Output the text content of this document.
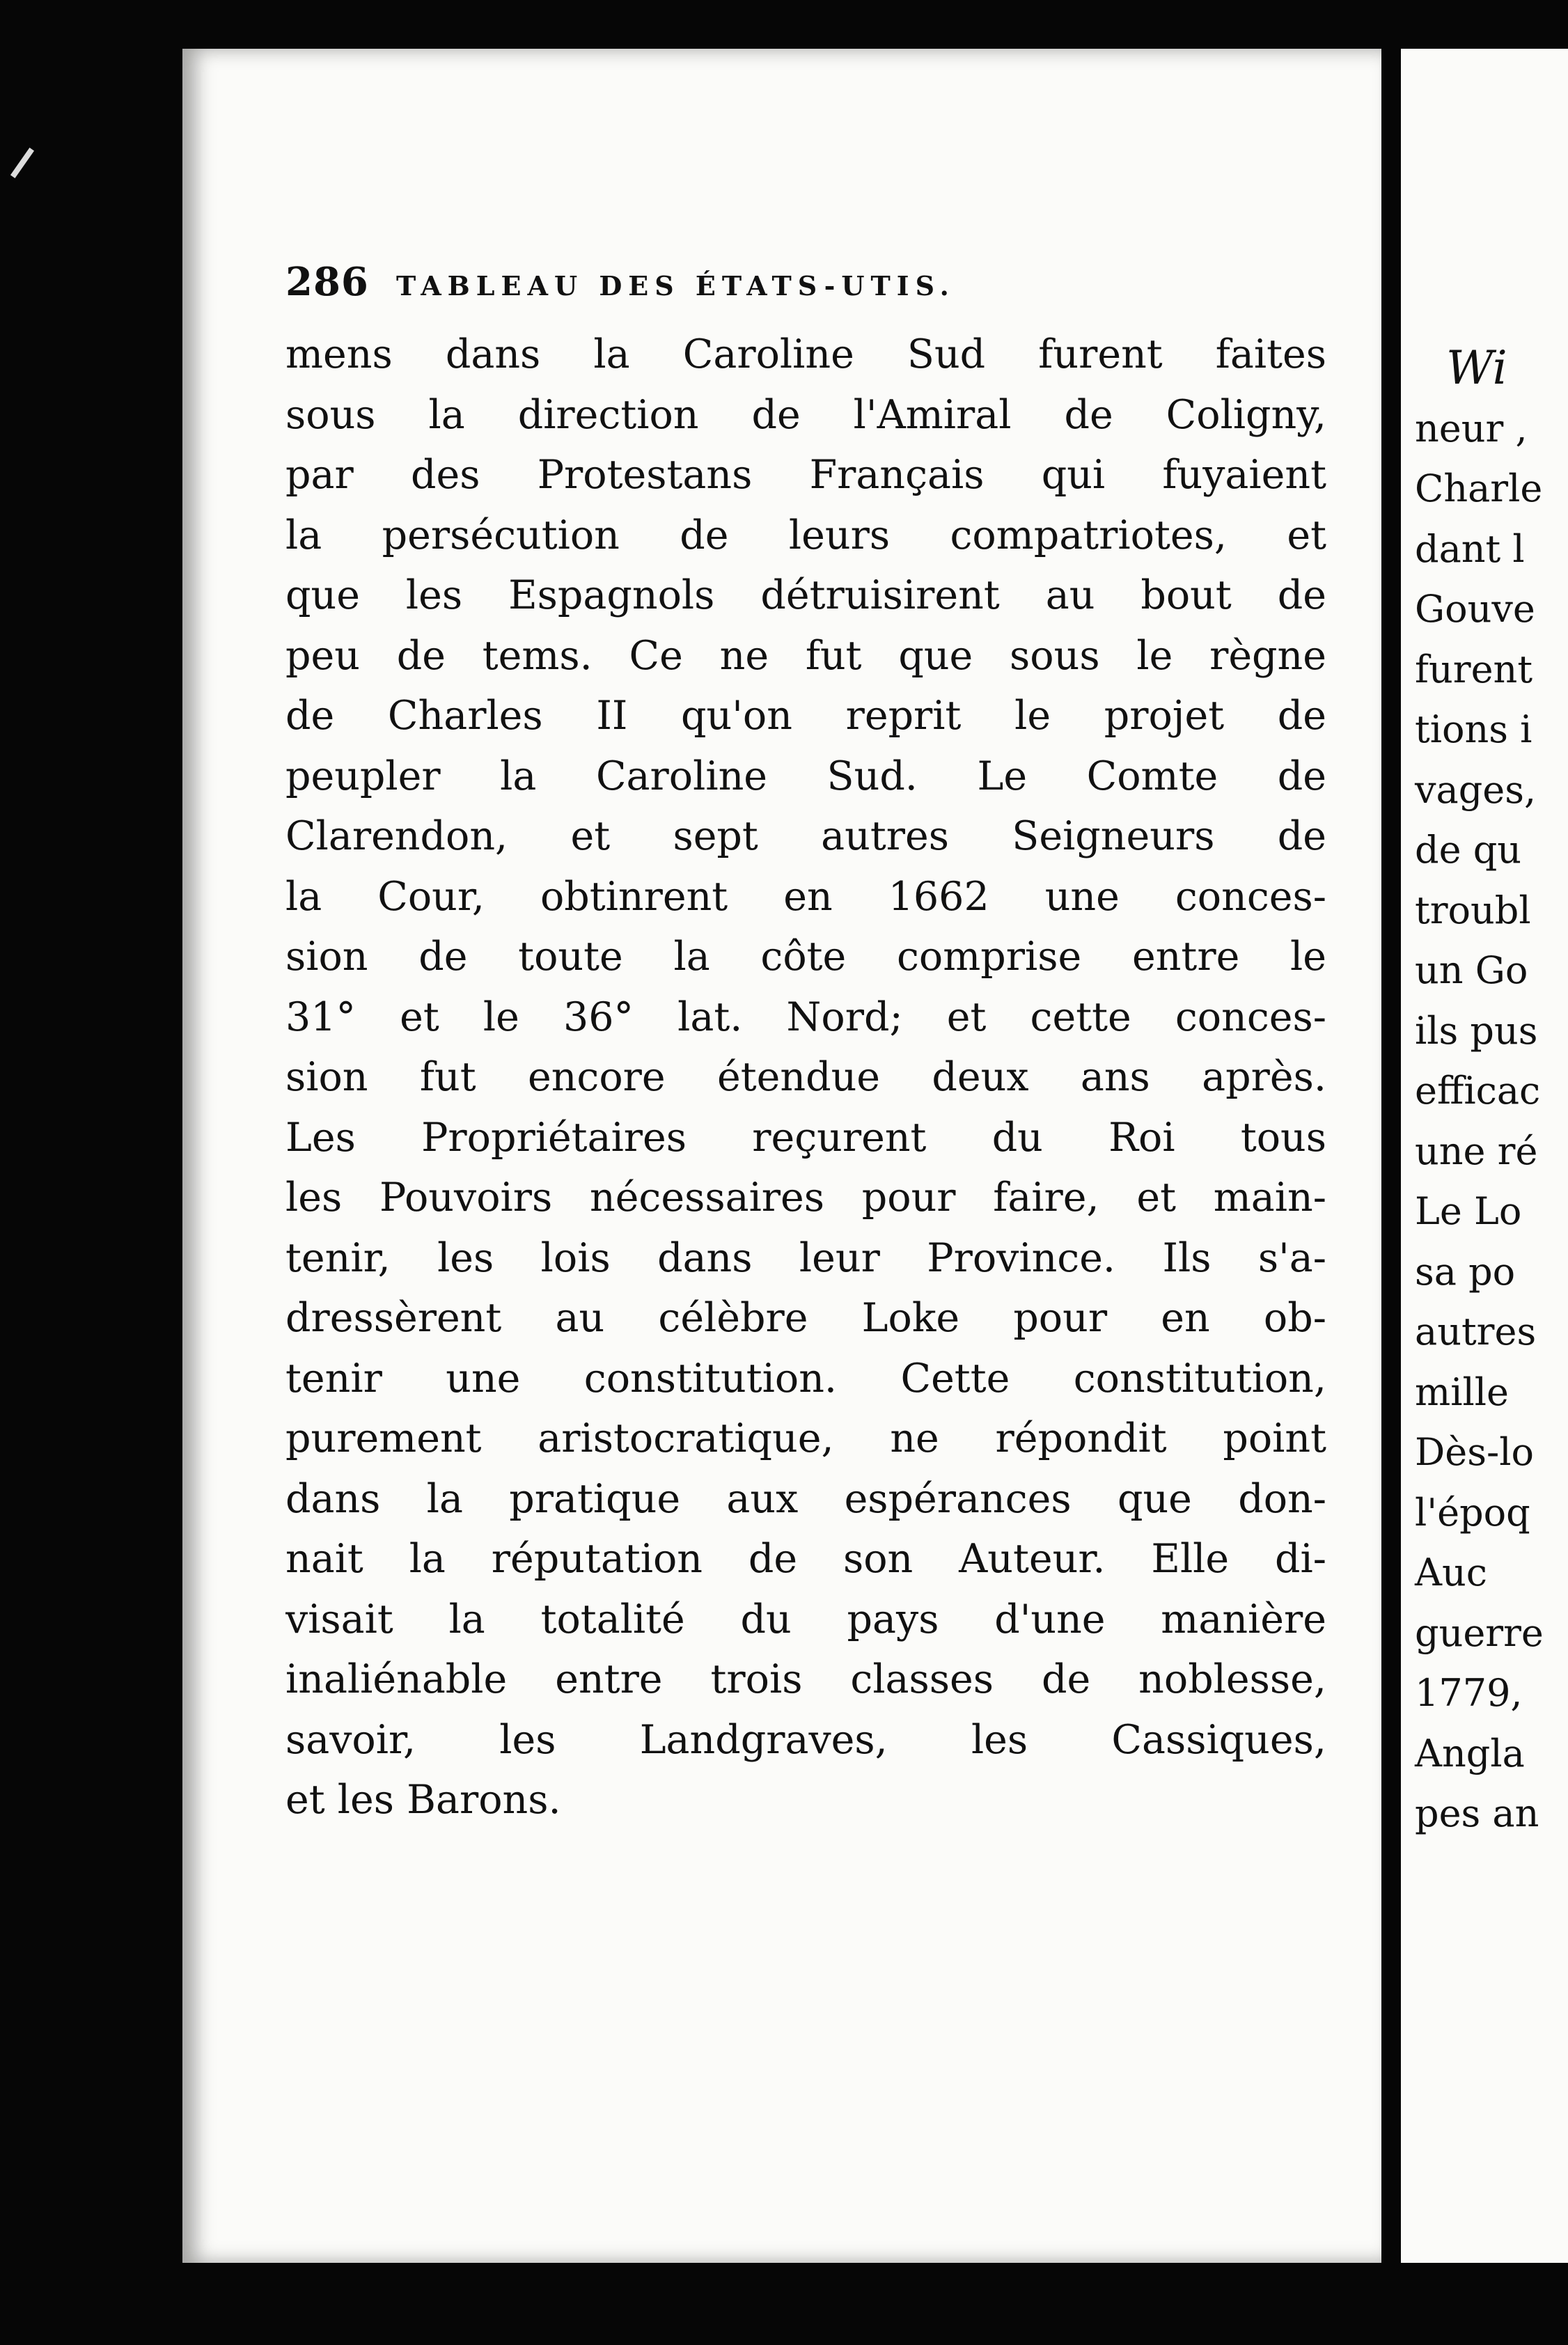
Wi
neur ,
Charle
dant l
Gouve
furent
tions i
vages,
de qu
troubl
un Go
ils pus
efficac
une ré
Le Lo
sa po
autres
mille
Dès-lo
l'époq
Auc
guerre
1779,
Angla
pes an
286 TABLEAU DES ÉTATS-UTIS.
mens dans la Caroline Sud furent faites
sous la direction de l'Amiral de Coligny,
par des Protestans Français qui fuyaient
la persécution de leurs compatriotes, et
que les Espagnols détruisirent au bout de
peu de tems. Ce ne fut que sous le règne
de Charles II qu'on reprit le projet de
peupler la Caroline Sud. Le Comte de
Clarendon, et sept autres Seigneurs de
la Cour, obtinrent en 1662 une conces-
sion de toute la côte comprise entre le
31° et le 36° lat. Nord; et cette conces-
sion fut encore étendue deux ans après.
Les Propriétaires reçurent du Roi tous
les Pouvoirs nécessaires pour faire, et main-
tenir, les lois dans leur Province. Ils s'a-
dressèrent au célèbre Loke pour en ob-
tenir une constitution. Cette constitution,
purement aristocratique, ne répondit point
dans la pratique aux espérances que don-
nait la réputation de son Auteur. Elle di-
visait la totalité du pays d'une manière
inaliénable entre trois classes de noblesse,
savoir, les Landgraves, les Cassiques,
et les Barons.
